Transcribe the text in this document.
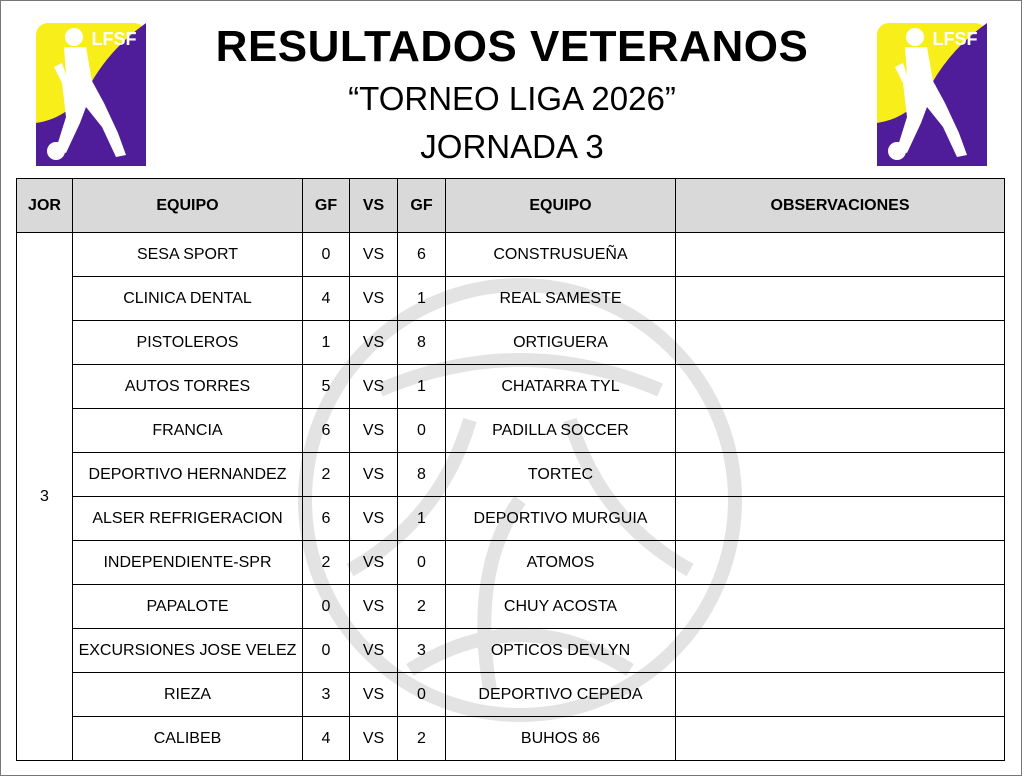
LFSF	LFSF
RESULTADOS VETERANOS
“TORNEO LIGA 2026”
JORNADA 3
JOR	EQUIPO	GF	VS	GF	EQUIPO	OBSERVACIONES
3	SESA SPORT	0	VS	6	CONSTRUSUEÑA	
	CLINICA DENTAL	4	VS	1	REAL SAMESTE	
	PISTOLEROS	1	VS	8	ORTIGUERA	
	AUTOS TORRES	5	VS	1	CHATARRA TYL	
	FRANCIA	6	VS	0	PADILLA SOCCER	
	DEPORTIVO HERNANDEZ	2	VS	8	TORTEC	
	ALSER REFRIGERACION	6	VS	1	DEPORTIVO MURGUIA	
	INDEPENDIENTE-SPR	2	VS	0	ATOMOS	
	PAPALOTE	0	VS	2	CHUY ACOSTA	
	EXCURSIONES JOSE VELEZ	0	VS	3	OPTICOS DEVLYN	
	RIEZA	3	VS	0	DEPORTIVO CEPEDA	
	CALIBEB	4	VS	2	BUHOS 86	
